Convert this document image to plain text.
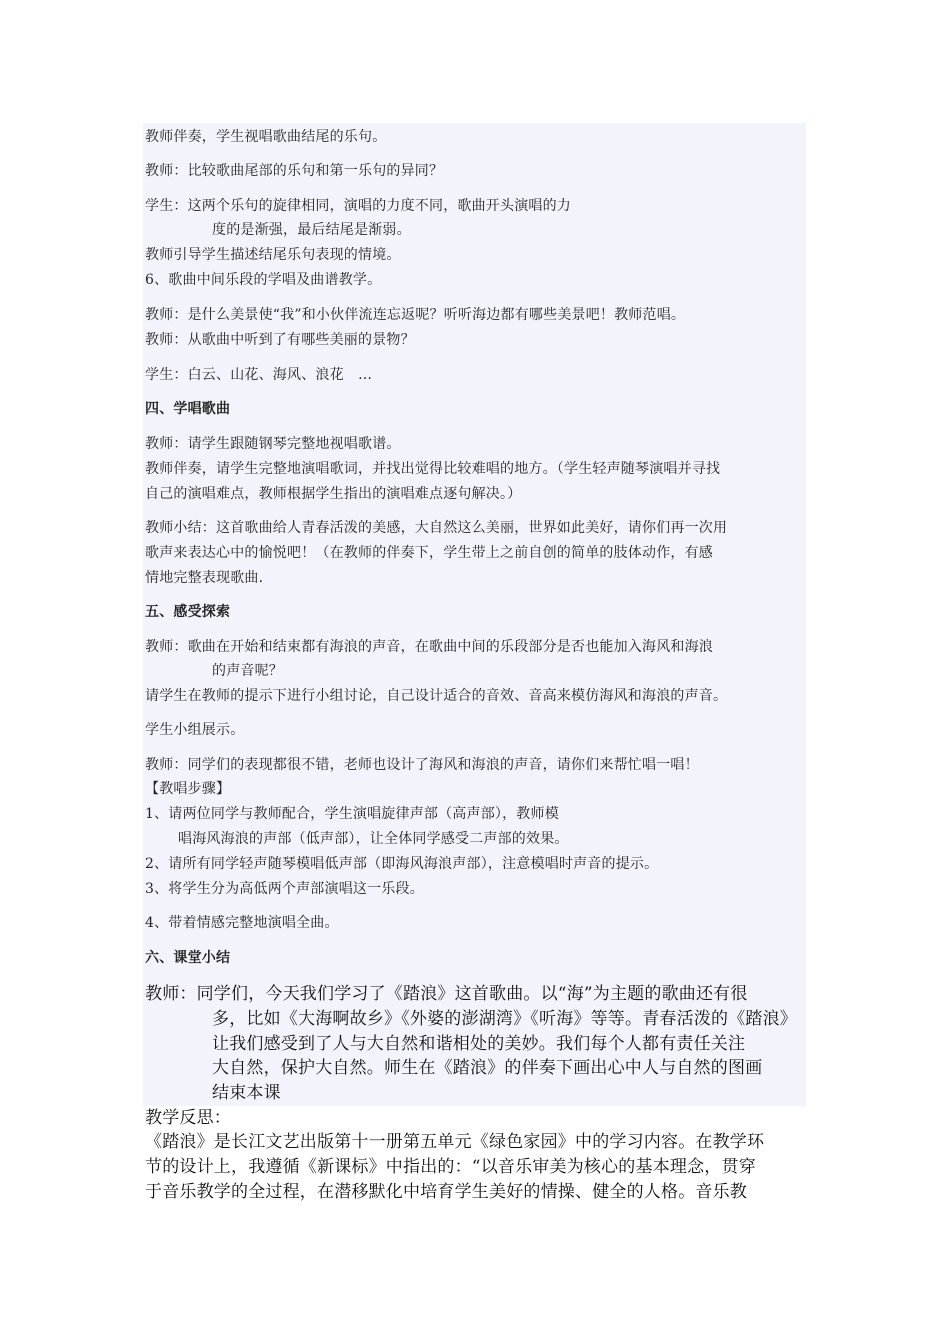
教师伴奏，学生视唱歌曲结尾的乐句。
教师：比较歌曲尾部的乐句和第一乐句的异同？
学生：这两个乐句的旋律相同，演唱的力度不同，歌曲开头演唱的力
度的是渐强，最后结尾是渐弱。
教师引导学生描述结尾乐句表现的情境。
6、歌曲中间乐段的学唱及曲谱教学。
教师：是什么美景使“我”和小伙伴流连忘返呢？听听海边都有哪些美景吧！教师范唱。
教师：从歌曲中听到了有哪些美丽的景物？
学生：白云、山花、海风、浪花　…
四、学唱歌曲
教师：请学生跟随钢琴完整地视唱歌谱。
教师伴奏，请学生完整地演唱歌词，并找出觉得比较难唱的地方。（学生轻声随琴演唱并寻找
自己的演唱难点，教师根据学生指出的演唱难点逐句解决。）
教师小结：这首歌曲给人青春活泼的美感，大自然这么美丽，世界如此美好，请你们再一次用
歌声来表达心中的愉悦吧！（在教师的伴奏下，学生带上之前自创的简单的肢体动作，有感
情地完整表现歌曲.
五、感受探索
教师：歌曲在开始和结束都有海浪的声音，在歌曲中间的乐段部分是否也能加入海风和海浪
的声音呢？
请学生在教师的提示下进行小组讨论，自己设计适合的音效、音高来模仿海风和海浪的声音。
学生小组展示。
教师：同学们的表现都很不错，老师也设计了海风和海浪的声音，请你们来帮忙唱一唱！
【教唱步骤】
1、请两位同学与教师配合，学生演唱旋律声部（高声部），教师模
唱海风海浪的声部（低声部），让全体同学感受二声部的效果。
2、请所有同学轻声随琴模唱低声部（即海风海浪声部），注意模唱时声音的提示。
3、将学生分为高低两个声部演唱这一乐段。
4、带着情感完整地演唱全曲。
六、课堂小结
教师：同学们，今天我们学习了《踏浪》这首歌曲。以“海”为主题的歌曲还有很
多，比如《大海啊故乡》《外婆的澎湖湾》《听海》等等。青春活泼的《踏浪》
让我们感受到了人与大自然和谐相处的美妙。我们每个人都有责任关注
大自然，保护大自然。师生在《踏浪》的伴奏下画出心中人与自然的图画
结束本课
教学反思：
《踏浪》是长江文艺出版第十一册第五单元《绿色家园》中的学习内容。在教学环
节的设计上，我遵循《新课标》中指出的：“以音乐审美为核心的基本理念，贯穿
于音乐教学的全过程，在潜移默化中培育学生美好的情操、健全的人格。音乐教
